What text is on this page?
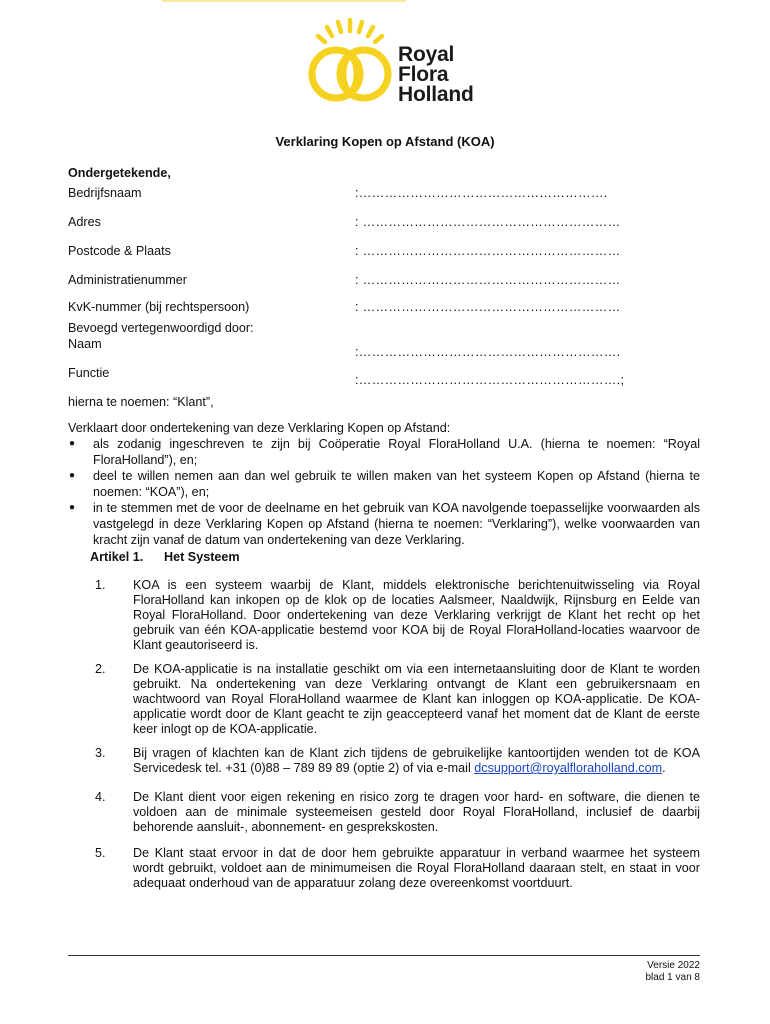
Royal
Flora
Holland
Verklaring Kopen op Afstand (KOA)
Ondergetekende,
Bedrijfsnaam	:………………………………………………….
Adres	: ……………………………………………………
Postcode & Plaats	: ……………………………………………………
Administratienummer	: ……………………………………………………
KvK-nummer (bij rechtspersoon)	: ……………………………………………………
Bevoegd vertegenwoordigd door:
Naam
:…………………………………………………….
Functie	:…………………………………………………….;
hierna te noemen: “Klant”,
Verklaart door ondertekening van deze Verklaring Kopen op Afstand:
● als zodanig ingeschreven te zijn bij Coöperatie Royal FloraHolland U.A. (hierna te noemen: “Royal FloraHolland”), en;
● deel te willen nemen aan dan wel gebruik te willen maken van het systeem Kopen op Afstand (hierna te noemen: “KOA”), en;
● in te stemmen met de voor de deelname en het gebruik van KOA navolgende toepasselijke voorwaarden als vastgelegd in deze Verklaring Kopen op Afstand (hierna te noemen: “Verklaring”), welke voorwaarden van kracht zijn vanaf de datum van ondertekening van deze Verklaring.
Artikel 1. Het Systeem
1. KOA is een systeem waarbij de Klant, middels elektronische berichtenuitwisseling via Royal FloraHolland kan inkopen op de klok op de locaties Aalsmeer, Naaldwijk, Rijnsburg en Eelde van Royal FloraHolland. Door ondertekening van deze Verklaring verkrijgt de Klant het recht op het gebruik van één KOA-applicatie bestemd voor KOA bij de Royal FloraHolland-locaties waarvoor de Klant geautoriseerd is.
2. De KOA-applicatie is na installatie geschikt om via een internetaansluiting door de Klant te worden gebruikt. Na ondertekening van deze Verklaring ontvangt de Klant een gebruikersnaam en wachtwoord van Royal FloraHolland waarmee de Klant kan inloggen op KOA-applicatie. De KOA-applicatie wordt door de Klant geacht te zijn geaccepteerd vanaf het moment dat de Klant de eerste keer inlogt op de KOA-applicatie.
3. Bij vragen of klachten kan de Klant zich tijdens de gebruikelijke kantoortijden wenden tot de KOA Servicedesk tel. +31 (0)88 – 789 89 89 (optie 2) of via e-mail dcsupport@royalfloraholland.com.
4. De Klant dient voor eigen rekening en risico zorg te dragen voor hard- en software, die dienen te voldoen aan de minimale systeemeisen gesteld door Royal FloraHolland, inclusief de daarbij behorende aansluit-, abonnement- en gesprekskosten.
5. De Klant staat ervoor in dat de door hem gebruikte apparatuur in verband waarmee het systeem wordt gebruikt, voldoet aan de minimumeisen die Royal FloraHolland daaraan stelt, en staat in voor adequaat onderhoud van de apparatuur zolang deze overeenkomst voortduurt.
Versie 2022
blad 1 van 8
